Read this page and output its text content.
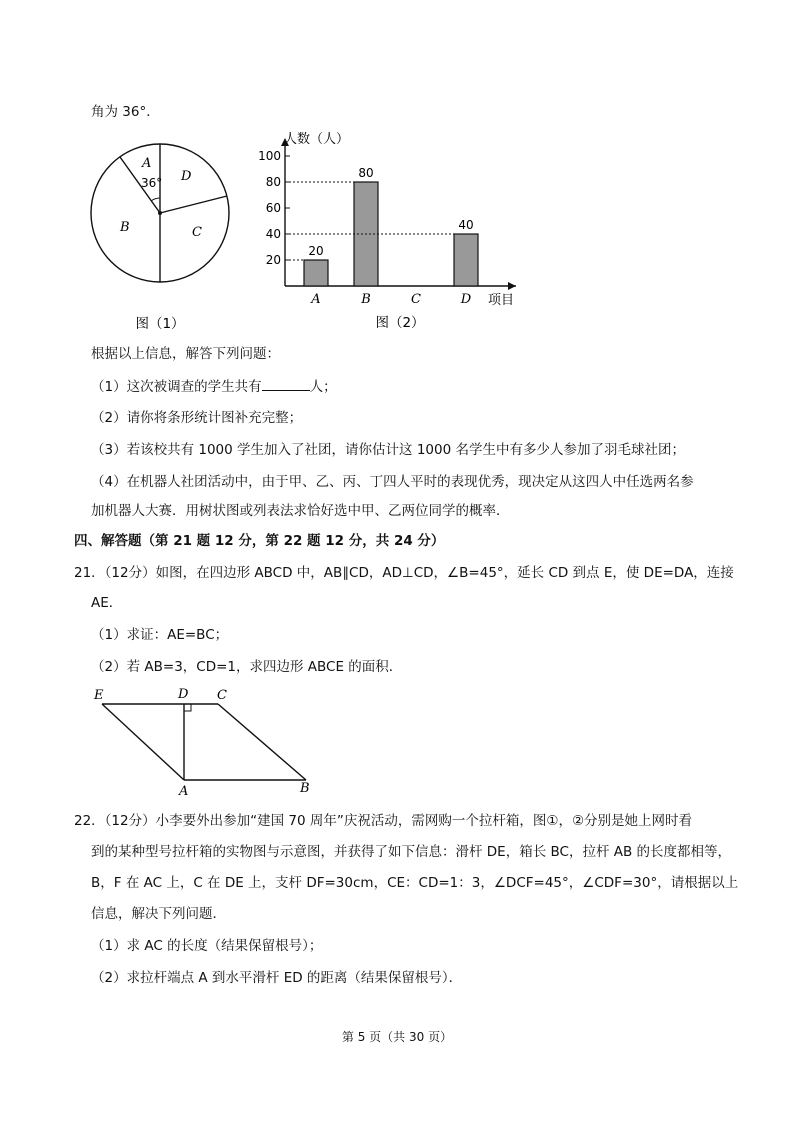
角为 36°．
A
B	C
D
36°
图（1）
20
40
60
80
100
20
A
80
B	C
40
D
人数（人）
项目
图（2）
根据以上信息，解答下列问题：
（1）这次被调查的学生共有	人；
（2）请你将条形统计图补充完整；
（3）若该校共有 1000 学生加入了社团，请你估计这 1000 名学生中有多少人参加了羽毛球社团；
（4）在机器人社团活动中，由于甲、乙、丙、丁四人平时的表现优秀，现决定从这四人中任选两名参
加机器人大赛．用树状图或列表法求恰好选中甲、乙两位同学的概率．
四、解答题（第 21 题 12 分，第 22 题 12 分，共 24 分）
21．（12分）如图，在四边形 ABCD 中，AB∥CD，AD⊥CD，∠B=45°，延长 CD 到点 E，使 DE=DA，连接
AE．
（1）求证：AE=BC；
（2）若 AB=3，CD=1，求四边形 ABCE 的面积．
E	D C
A	B
22．（12分）小李要外出参加“建国 70 周年”庆祝活动，需网购一个拉杆箱，图①，②分别是她上网时看
到的某种型号拉杆箱的实物图与示意图，并获得了如下信息：滑杆 DE，箱长 BC，拉杆 AB 的长度都相等，
B，F 在 AC 上，C 在 DE 上，支杆 DF=30cm，CE：CD=1：3，∠DCF=45°，∠CDF=30°，请根据以上
信息，解决下列问题．
（1）求 AC 的长度（结果保留根号）；
（2）求拉杆端点 A 到水平滑杆 ED 的距离（结果保留根号）．
第 5 页（共 30 页）
